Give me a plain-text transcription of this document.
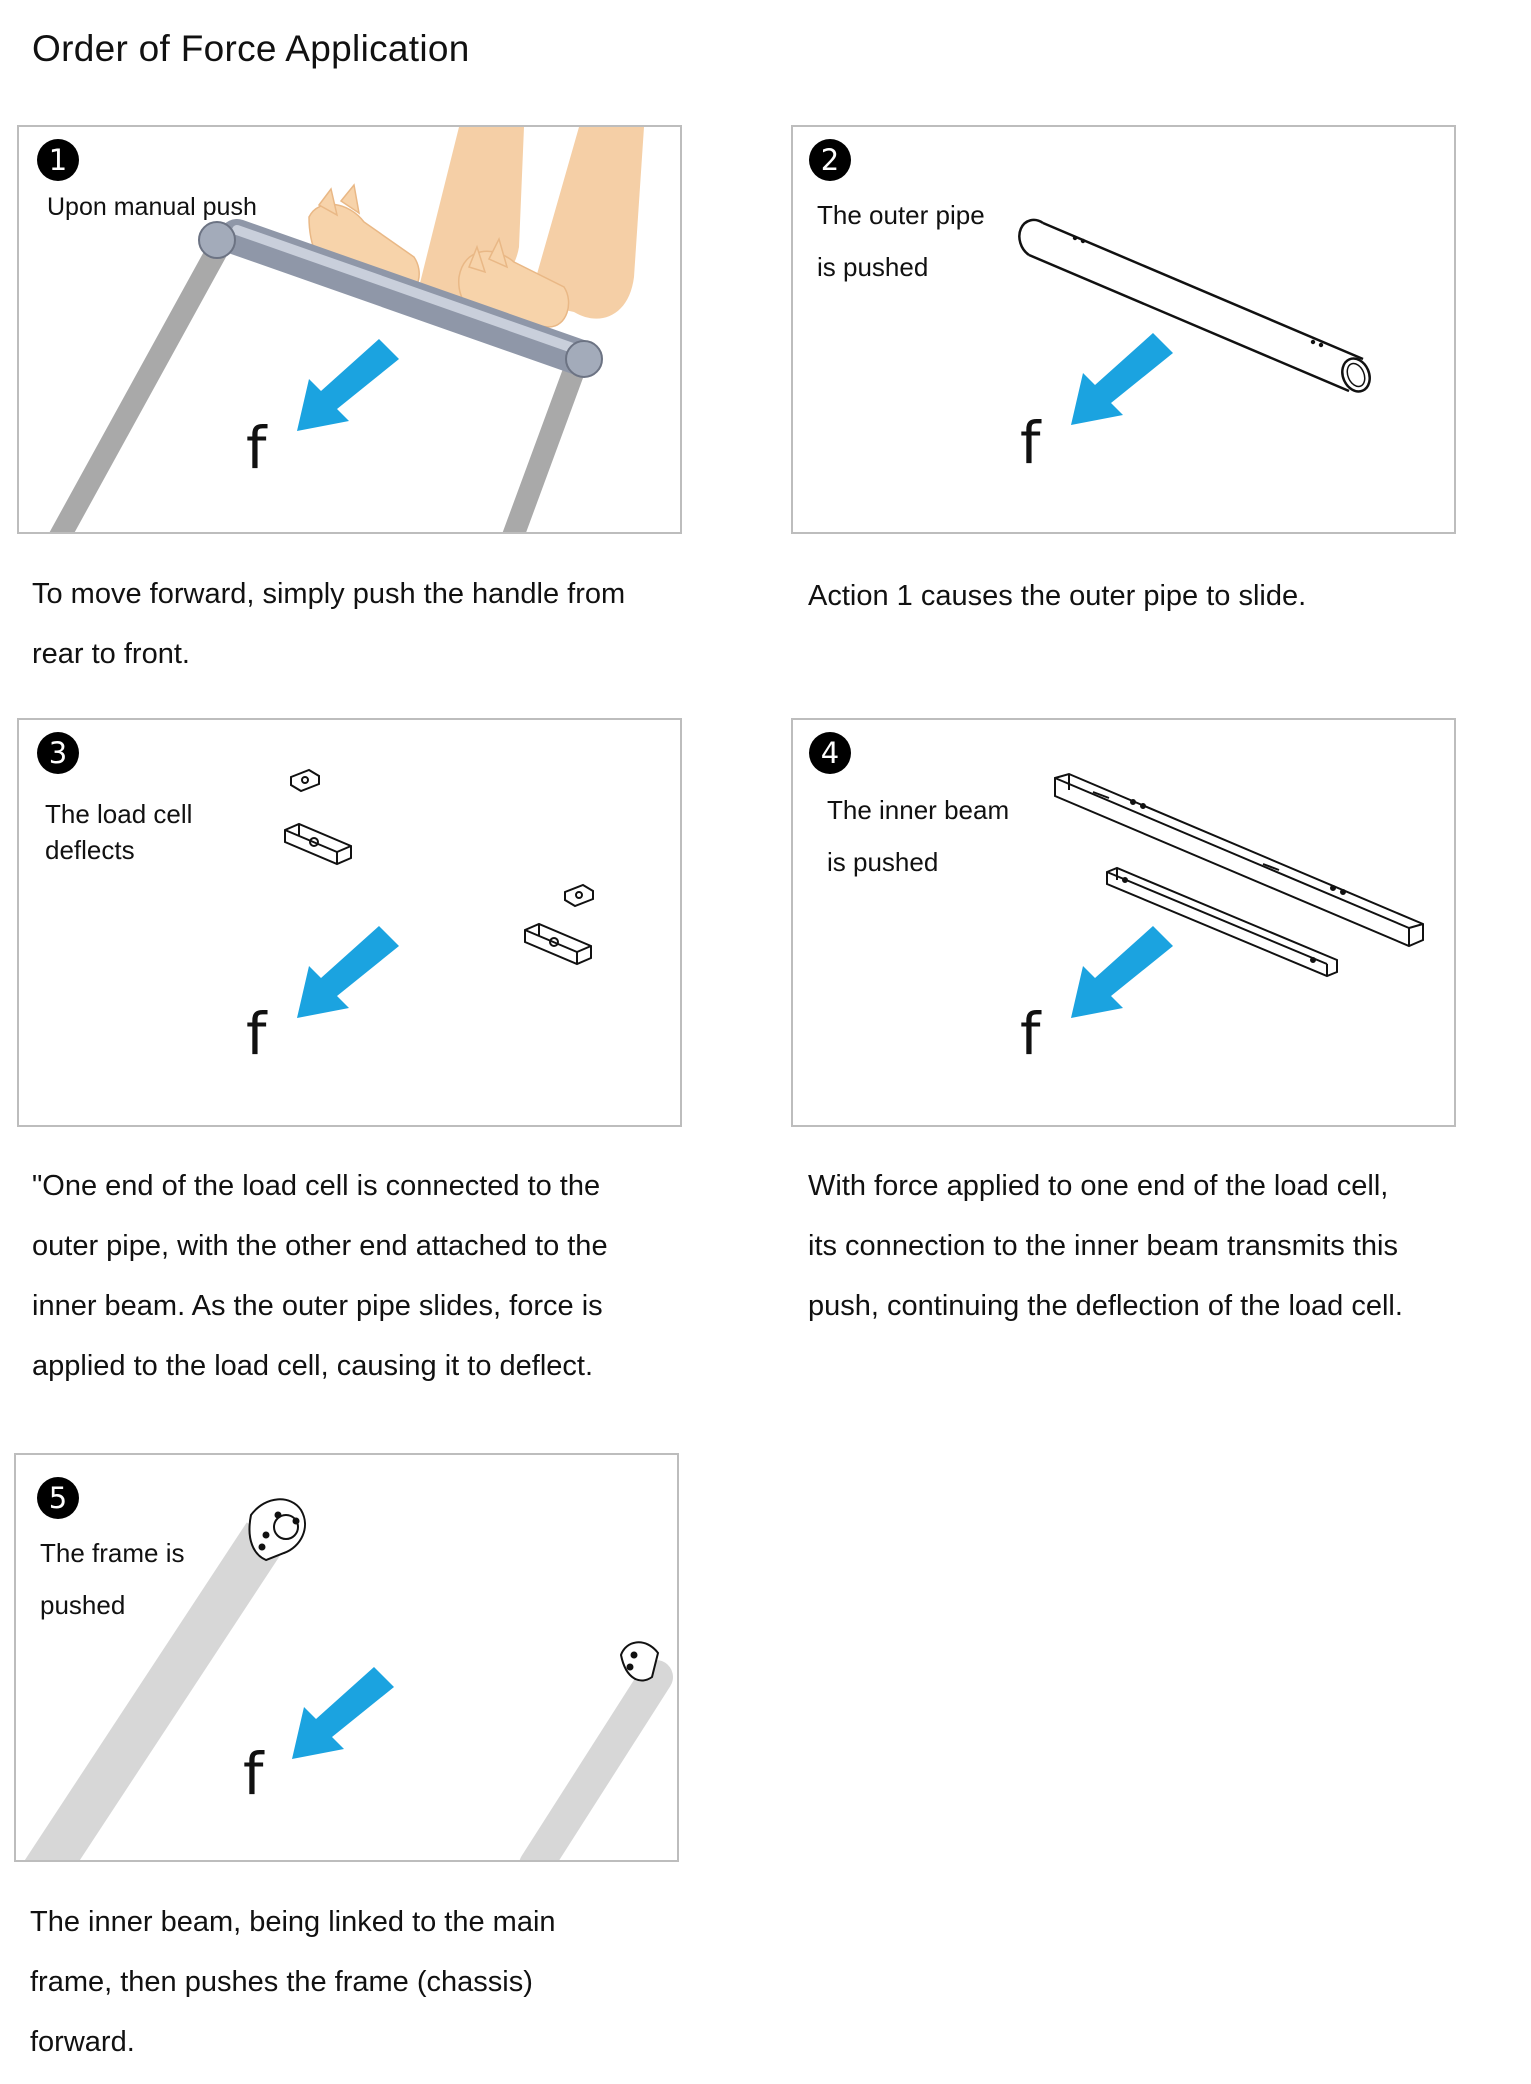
Order of Force Application
1
Upon manual push
f
To move forward, simply push the handle from
rear to front.
2
The outer pipe
is pushed
f
Action 1 causes the outer pipe to slide.
3
The load cell
deflects
f
"One end of the load cell is connected to the
outer pipe, with the other end attached to the
inner beam. As the outer pipe slides, force is
applied to the load cell, causing it to deflect.
4
The inner beam
is pushed
f
With force applied to one end of the load cell,
its connection to the inner beam transmits this
push, continuing the deflection of the load cell.
5
The frame is
pushed
f
The inner beam, being linked to the main
frame, then pushes the frame (chassis)
forward.
